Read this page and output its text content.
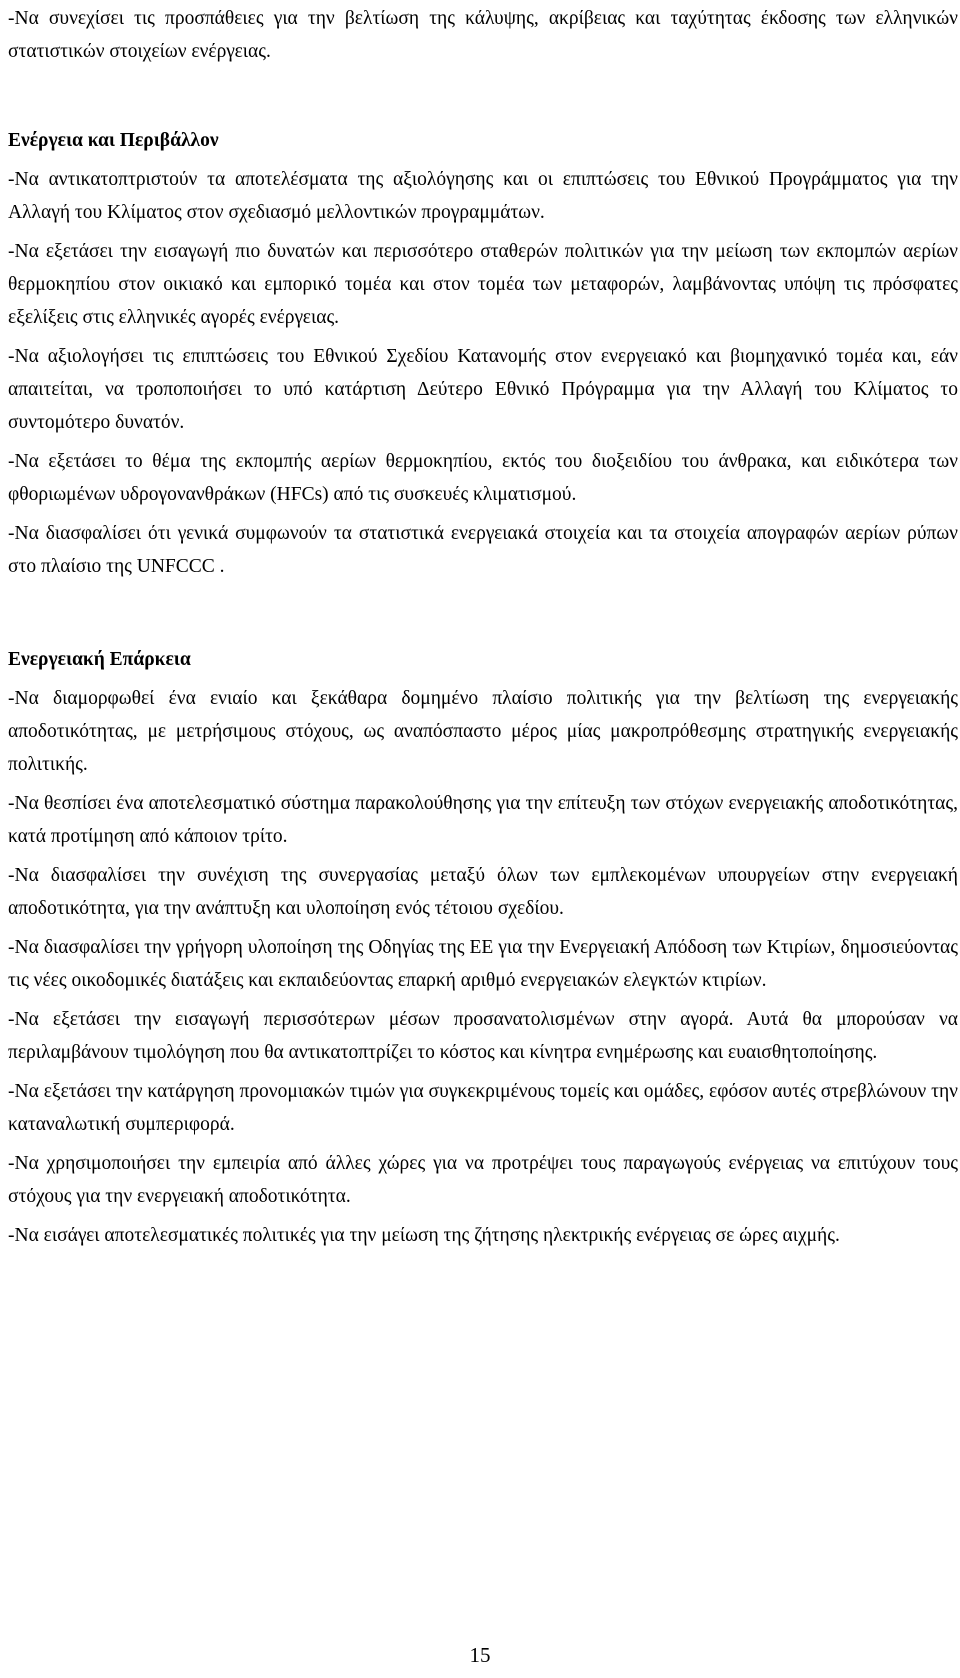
-Να συνεχίσει τις προσπάθειες για την βελτίωση της κάλυψης, ακρίβειας και ταχύτητας έκδοσης των ελληνικών στατιστικών στοιχείων ενέργειας.

Ενέργεια και Περιβάλλον

-Να αντικατοπτριστούν τα αποτελέσματα της αξιολόγησης και οι επιπτώσεις του Εθνικού Προγράμματος για την Αλλαγή του Κλίματος στον σχεδιασμό μελλοντικών προγραμμάτων.

-Να εξετάσει την εισαγωγή πιο δυνατών και περισσότερο σταθερών πολιτικών για την μείωση των εκπομπών αερίων θερμοκηπίου στον οικιακό και εμπορικό τομέα και στον τομέα των μεταφορών, λαμβάνοντας υπόψη τις πρόσφατες εξελίξεις στις ελληνικές αγορές ενέργειας.

-Να αξιολογήσει τις επιπτώσεις του Εθνικού Σχεδίου Κατανομής στον ενεργειακό και βιομηχανικό τομέα και, εάν απαιτείται, να τροποποιήσει το υπό κατάρτιση Δεύτερο Εθνικό Πρόγραμμα για την Αλλαγή του Κλίματος το συντομότερο δυνατόν.

-Να εξετάσει το θέμα της εκπομπής αερίων θερμοκηπίου, εκτός του διοξειδίου του άνθρακα, και ειδικότερα των φθοριωμένων υδρογονανθράκων (HFCs) από τις συσκευές κλιματισμού.

-Να διασφαλίσει ότι γενικά συμφωνούν τα στατιστικά ενεργειακά στοιχεία και τα στοιχεία απογραφών αερίων ρύπων στο πλαίσιο της UNFCCC .

Ενεργειακή Επάρκεια

-Να διαμορφωθεί ένα ενιαίο και ξεκάθαρα δομημένο πλαίσιο πολιτικής για την βελτίωση της ενεργειακής αποδοτικότητας, με μετρήσιμους στόχους, ως αναπόσπαστο μέρος μίας μακροπρόθεσμης στρατηγικής ενεργειακής πολιτικής.

-Να θεσπίσει ένα αποτελεσματικό σύστημα παρακολούθησης για την επίτευξη των στόχων ενεργειακής αποδοτικότητας, κατά προτίμηση από κάποιον τρίτο.

-Να διασφαλίσει την συνέχιση της συνεργασίας μεταξύ όλων των εμπλεκομένων υπουργείων στην ενεργειακή αποδοτικότητα, για την ανάπτυξη και υλοποίηση ενός τέτοιου σχεδίου.

-Να διασφαλίσει την γρήγορη υλοποίηση της Οδηγίας της ΕΕ για την Ενεργειακή Απόδοση των Κτιρίων, δημοσιεύοντας τις νέες οικοδομικές διατάξεις και εκπαιδεύοντας επαρκή αριθμό ενεργειακών ελεγκτών κτιρίων.

-Να εξετάσει την εισαγωγή περισσότερων μέσων προσανατολισμένων στην αγορά. Αυτά θα μπορούσαν να περιλαμβάνουν τιμολόγηση που θα αντικατοπτρίζει το κόστος και κίνητρα ενημέρωσης και ευαισθητοποίησης.

-Να εξετάσει την κατάργηση προνομιακών τιμών για συγκεκριμένους τομείς και ομάδες, εφόσον αυτές στρεβλώνουν την καταναλωτική συμπεριφορά.

-Να χρησιμοποιήσει την εμπειρία από άλλες χώρες για να προτρέψει τους παραγωγούς ενέργειας να επιτύχουν τους στόχους για την ενεργειακή αποδοτικότητα.

-Να εισάγει αποτελεσματικές πολιτικές για την μείωση της ζήτησης ηλεκτρικής ενέργειας σε ώρες αιχμής.

15
